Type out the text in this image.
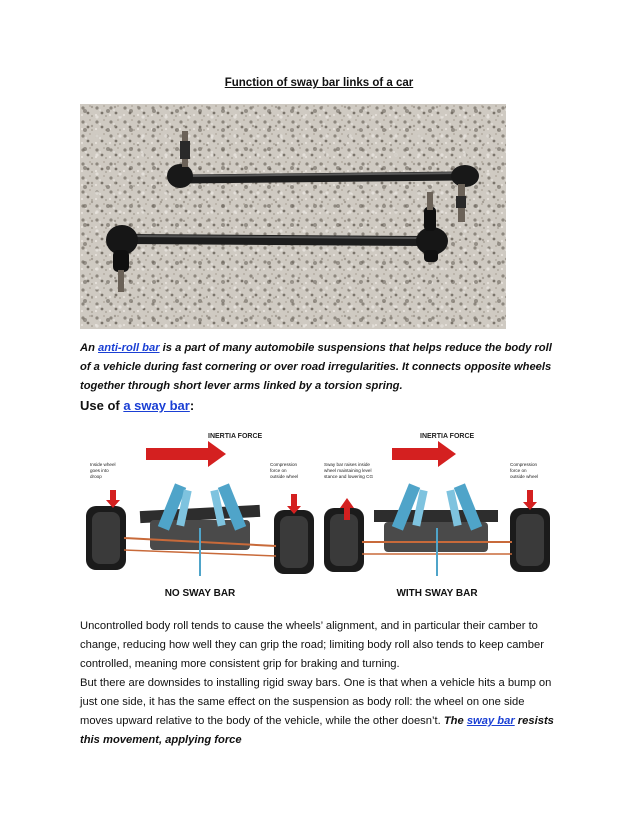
Function of sway bar links of a car
An anti-roll bar is a part of many automobile suspensions that helps reduce the body roll of a vehicle during fast cornering or over road irregularities. It connects opposite wheels together through short lever arms linked by a torsion spring.
Use of a sway bar:
INERTIA FORCE
Inside wheel goes into droop
Compression force on outside wheel
NO SWAY BAR
INERTIA FORCE
Sway bar raises inside wheel maintaining level stance and lowering CG
Compression force on outside wheel
WITH SWAY BAR
Uncontrolled body roll tends to cause the wheels’ alignment, and in particular their camber to change, reducing how well they can grip the road; limiting body roll also tends to keep camber controlled, meaning more consistent grip for braking and turning.
But there are downsides to installing rigid sway bars. One is that when a vehicle hits a bump on just one side, it has the same effect on the suspension as body roll: the wheel on one side moves upward relative to the body of the vehicle, while the other doesn’t. The sway bar resists this movement, applying force
